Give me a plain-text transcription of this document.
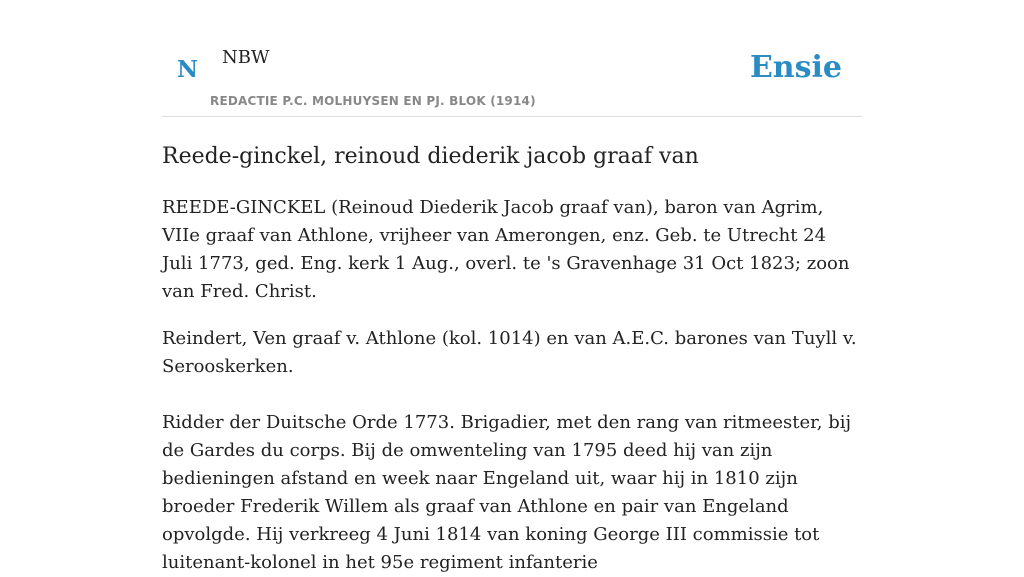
N NBW
REDACTIE P.C. MOLHUYSEN EN PJ. BLOK (1914)
Ensie
Reede-ginckel, reinoud diederik jacob graaf van

REEDE-GINCKEL (Reinoud Diederik Jacob graaf van), baron van Agrim, VIIe graaf van Athlone, vrijheer van Amerongen, enz. Geb. te Utrecht 24 Juli 1773, ged. Eng. kerk 1 Aug., overl. te 's Gravenhage 31 Oct 1823; zoon van Fred. Christ.

Reindert, Ven graaf v. Athlone (kol. 1014) en van A.E.C. barones van Tuyll v. Serooskerken.

Ridder der Duitsche Orde 1773. Brigadier, met den rang van ritmeester, bij de Gardes du corps. Bij de omwenteling van 1795 deed hij van zijn bedieningen afstand en week naar Engeland uit, waar hij in 1810 zijn broeder Frederik Willem als graaf van Athlone en pair van Engeland opvolgde. Hij verkreeg 4 Juni 1814 van koning George III commissie tot luitenant-kolonel in het 95e regiment infanterie
